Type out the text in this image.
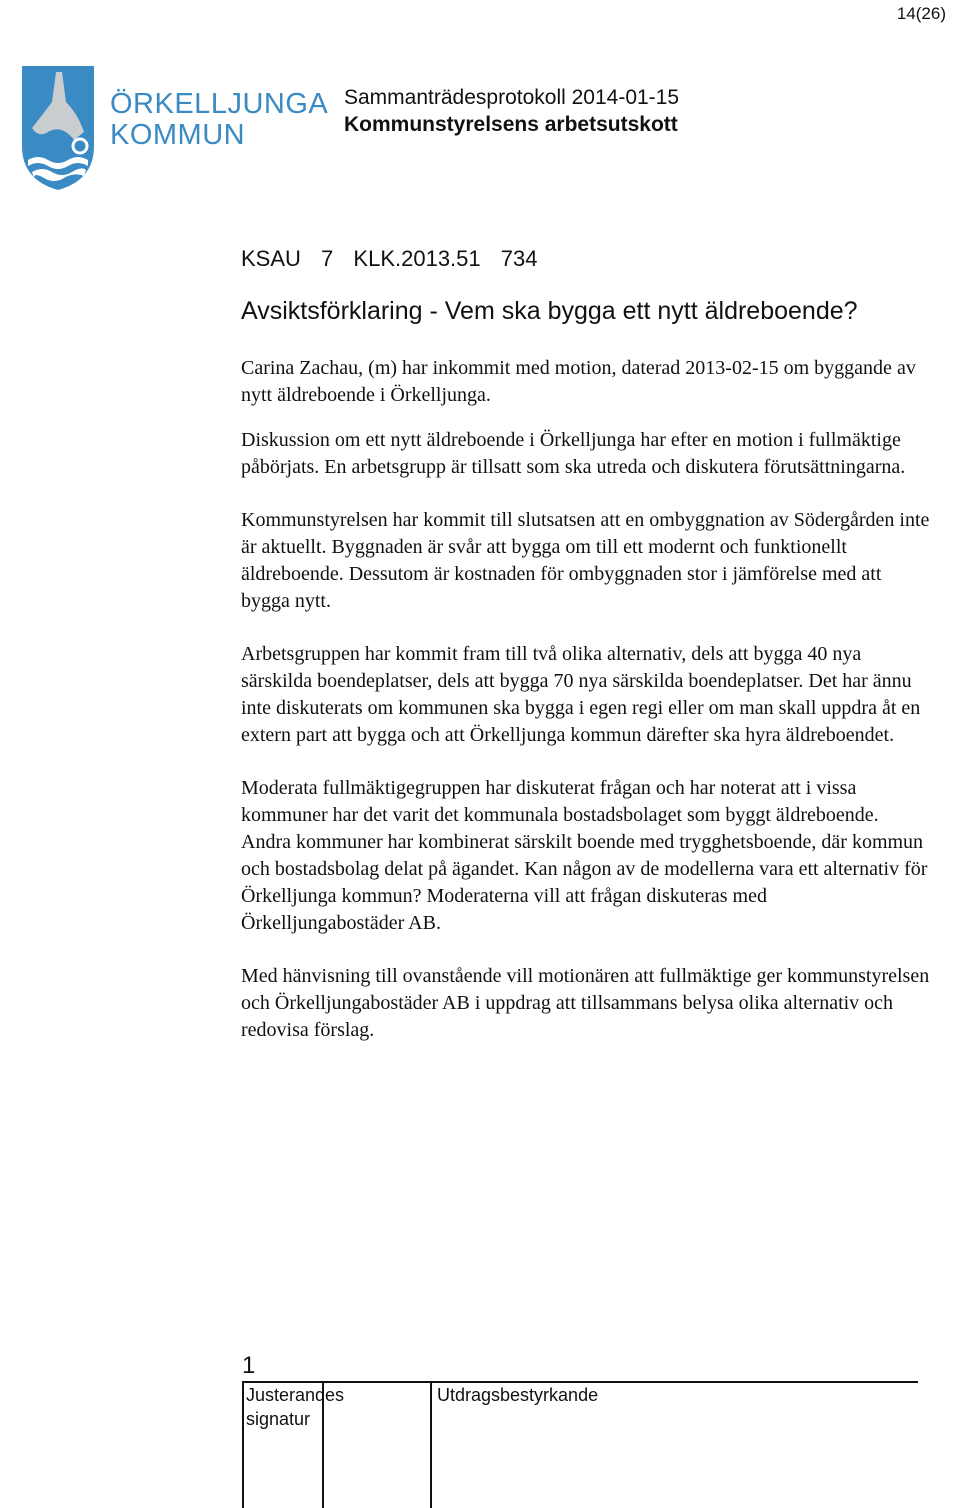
14(26)
ÖRKELLJUNGA
KOMMUN
Sammanträdesprotokoll 2014-01-15
Kommunstyrelsens arbetsutskott
KSAU 7 KLK.2013.51 734
Avsiktsförklaring - Vem ska bygga ett nytt äldreboende?

Carina Zachau, (m) har inkommit med motion, daterad 2013-02-15 om byggande av nytt äldreboende i Örkelljunga.

Diskussion om ett nytt äldreboende i Örkelljunga har efter en motion i fullmäktige påbörjats. En arbetsgrupp är tillsatt som ska utreda och diskutera förutsättningarna.

Kommunstyrelsen har kommit till slutsatsen att en ombyggnation av Södergården inte är aktuellt. Byggnaden är svår att bygga om till ett modernt och funktionellt äldreboende. Dessutom är kostnaden för ombyggnaden stor i jämförelse med att bygga nytt.

Arbetsgruppen har kommit fram till två olika alternativ, dels att bygga 40 nya särskilda boendeplatser, dels att bygga 70 nya särskilda boendeplatser. Det har ännu inte diskuterats om kommunen ska bygga i egen regi eller om man skall uppdra åt en extern part att bygga och att Örkelljunga kommun därefter ska hyra äldreboendet.

Moderata fullmäktigegruppen har diskuterat frågan och har noterat att i vissa kommuner har det varit det kommunala bostadsbolaget som byggt äldreboende. Andra kommuner har kombinerat särskilt boende med trygghetsboende, där kommun och bostadsbolag delat på ägandet. Kan någon av de modellerna vara ett alternativ för Örkelljunga kommun? Moderaterna vill att frågan diskuteras med Örkelljungabostäder AB.

Med hänvisning till ovanstående vill motionären att fullmäktige ger kommunstyrelsen och Örkelljungabostäder AB i uppdrag att tillsammans belysa olika alternativ och redovisa förslag.

1
Justerandes
signatur
Utdragsbestyrkande
